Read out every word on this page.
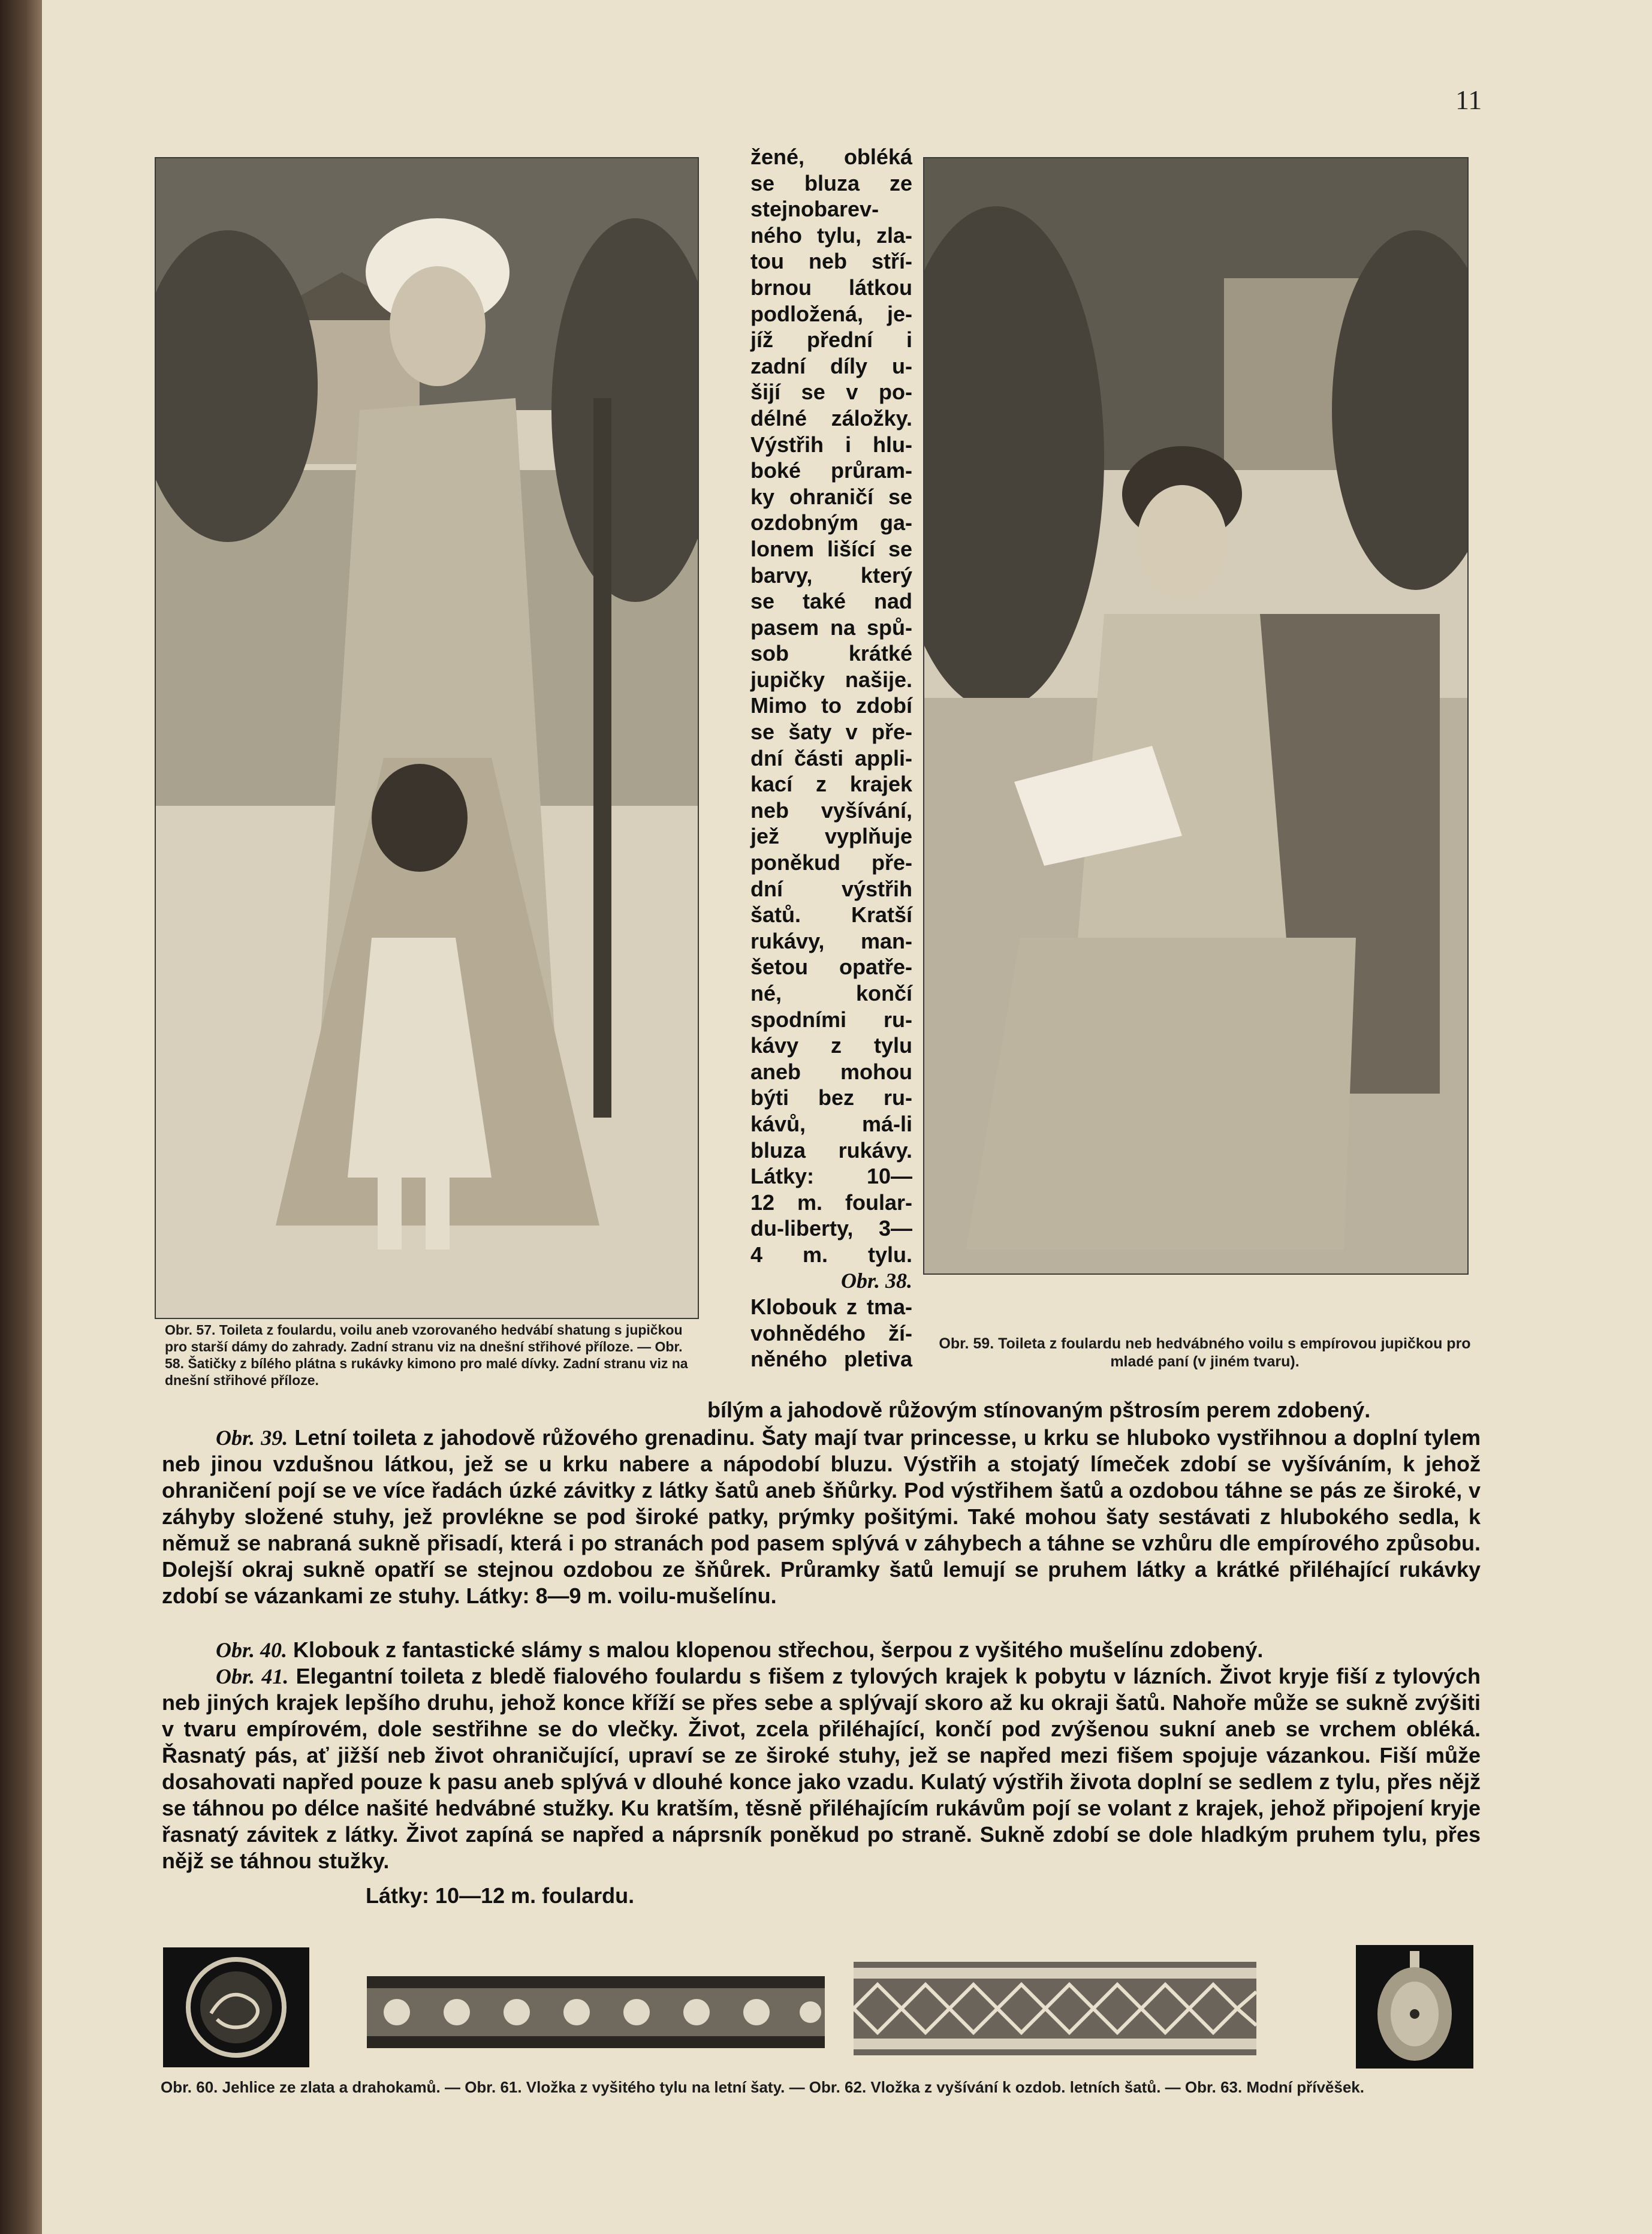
11
Obr. 57. Toileta z foulardu, voilu aneb vzorovaného hedvábí shatung s jupičkou pro starší dámy do zahrady. Zadní stranu viz na dnešní střihové příloze. — Obr. 58. Šatičky z bílého plátna s rukávky kimono pro malé dívky. Zadní stranu viz na dnešní střihové příloze.
Obr. 59. Toileta z foulardu neb hedvábného voilu s empírovou jupičkou pro mladé paní (v jiném tvaru).
žené, obléká
se bluza ze
stejnobarev-
ného tylu, zla-
tou neb stří-
brnou látkou
podložená, je-
jíž přední i
zadní díly u-
šijí se v po-
délné záložky.
Výstřih i hlu-
boké průram-
ky ohraničí se
ozdobným ga-
lonem lišící se
barvy, který
se také nad
pasem na spů-
sob krátké
jupičky našije.
Mimo to zdobí
se šaty v pře-
dní části appli-
kací z krajek
neb vyšívání,
jež vyplňuje
poněkud pře-
dní výstřih
šatů. Kratší
rukávy, man-
šetou opatře-
né, končí
spodními ru-
kávy z tylu
aneb mohou
býti bez ru-
kávů, má-li
bluza rukávy.
Látky: 10—
12 m. foular-
du-liberty, 3—
4 m. tylu.
Obr. 38.
Klobouk z tma-
vohnědého ží-
něného pletiva
bílým a jahodově růžovým stínovaným pštrosím perem zdobený.
Obr. 39. Letní toileta z jahodově růžového grenadinu. Šaty mají tvar princesse, u krku se hluboko vystřihnou a doplní tylem neb jinou vzdušnou látkou, jež se u krku nabere a nápodobí bluzu. Výstřih a stojatý límeček zdobí se vyšíváním, k jehož ohraničení pojí se ve více řadách úzké závitky z látky šatů aneb šňůrky. Pod výstřihem šatů a ozdobou táhne se pás ze široké, v záhyby složené stuhy, jež provlékne se pod široké patky, prýmky pošitými. Také mohou šaty sestávati z hlubokého sedla, k němuž se nabraná sukně přisadí, která i po stranách pod pasem splývá v záhybech a táhne se vzhůru dle empírového způsobu. Dolejší okraj sukně opatří se stejnou ozdobou ze šňůrek. Průramky šatů lemují se pruhem látky a krátké přiléhající rukávky zdobí se vázankami ze stuhy. Látky: 8—9 m. voilu-mušelínu.
Obr. 40. Klobouk z fantastické slámy s malou klopenou střechou, šerpou z vyšitého mušelínu zdobený.
Obr. 41. Elegantní toileta z bledě fialového foulardu s fišem z tylových krajek k pobytu v lázních. Život kryje fiší z tylových neb jiných krajek lepšího druhu, jehož konce kříží se přes sebe a splývají skoro až ku okraji šatů. Nahoře může se sukně zvýšiti v tvaru empírovém, dole sestřihne se do vlečky. Život, zcela přiléhající, končí pod zvýšenou sukní aneb se vrchem obléká. Řasnatý pás, ať jižší neb život ohraničující, upraví se ze široké stuhy, jež se napřed mezi fišem spojuje vázankou. Fiší může dosahovati napřed pouze k pasu aneb splývá v dlouhé konce jako vzadu. Kulatý výstřih života doplní se sedlem z tylu, přes nějž se táhnou po délce našité hedvábné stužky. Ku kratším, těsně přiléhajícím rukávům pojí se volant z krajek, jehož připojení kryje řasnatý závitek z látky. Život zapíná se napřed a náprsník poněkud po straně. Sukně zdobí se dole hladkým pruhem tylu, přes nějž se táhnou stužky.
Látky: 10—12 m. foulardu.
Obr. 60. Jehlice ze zlata a drahokamů. — Obr. 61. Vložka z vyšitého tylu na letní šaty. — Obr. 62. Vložka z vyšívání k ozdob. letních šatů. — Obr. 63. Modní přívěšek.
